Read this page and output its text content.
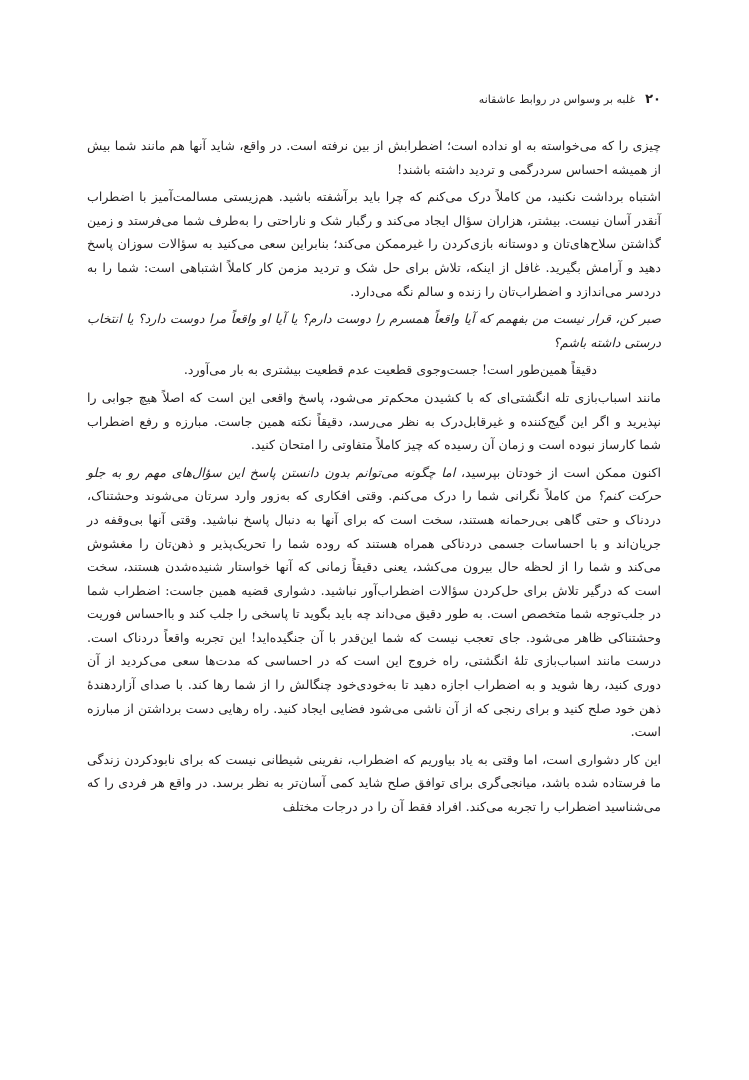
۲۰
غلبه بر وسواس در روابط عاشقانه

چیزی را که می‌خواسته به او نداده است؛ اضطرابش از بین نرفته است. در واقع، شاید آنها هم مانند شما بیش از همیشه احساس سردرگمی و تردید داشته باشند!

اشتباه برداشت نکنید، من کاملاً درک می‌کنم که چرا باید برآشفته باشید. هم‌زیستی مسالمت‌آمیز با اضطراب آنقدر آسان نیست. بیشتر، هزاران سؤال ایجاد می‌کند و رگبار شک و ناراحتی را به‌طرف شما می‌فرستد و زمین گذاشتن سلاح‌های‌تان و دوستانه بازی‌کردن را غیرممکن می‌کند؛ بنابراین سعی می‌کنید به سؤالات سوزان پاسخ دهید و آرامش بگیرید. غافل از اینکه، تلاش برای حل شک و تردید مزمن کار کاملاً اشتباهی است: شما را به دردسر می‌اندازد و اضطراب‌تان را زنده و سالم نگه می‌دارد.

صبر کن، قرار نیست من بفهمم که آیا واقعاً همسرم را دوست دارم؟ یا آیا او واقعاً مرا دوست دارد؟ یا انتخاب درستی داشته باشم؟

دقیقاً همین‌طور است! جست‌وجوی قطعیت عدم قطعیت بیشتری به بار می‌آورد.

مانند اسباب‌بازی تله انگشتی‌ای که با کشیدن محکم‌تر می‌شود، پاسخ واقعی این است که اصلاً هیچ جوابی را نپذیرید و اگر این گیج‌کننده و غیرقابل‌درک به نظر می‌رسد، دقیقاً نکته همین جاست. مبارزه و رفع اضطراب شما کارساز نبوده است و زمان آن رسیده که چیز کاملاً متفاوتی را امتحان کنید.

اکنون ممکن است از خودتان بپرسید، اما چگونه می‌توانم بدون دانستن پاسخ این سؤال‌های مهم رو به جلو حرکت کنم؟ من کاملاً نگرانی شما را درک می‌کنم. وقتی افکاری که به‌زور وارد سرتان می‌شوند وحشتناک، دردناک و حتی گاهی بی‌رحمانه هستند، سخت است که برای آنها به دنبال پاسخ نباشید. وقتی آنها بی‌وقفه در جریان‌اند و با احساسات جسمی دردناکی همراه هستند که روده شما را تحریک‌پذیر و ذهن‌تان را مغشوش می‌کند و شما را از لحظه حال بیرون می‌کشد، یعنی دقیقاً زمانی که آنها خواستار شنیده‌شدن هستند، سخت است که درگیر تلاش برای حل‌کردن سؤالات اضطراب‌آور نباشید. دشواری قضیه همین جاست: اضطراب شما در جلب‌توجه شما متخصص است. به طور دقیق می‌داند چه باید بگوید تا پاسخی را جلب کند و با‌احساس فوریت وحشتناکی ظاهر می‌شود. جای تعجب نیست که شما این‌قدر با آن جنگیده‌اید! این تجربه واقعاً دردناک است. درست مانند اسباب‌بازی تلهٔ انگشتی، راه خروج این است که در احساسی که مدت‌ها سعی می‌کردید از آن دوری کنید، رها شوید و به اضطراب اجازه دهید تا به‌خودی‌خود چنگالش را از شما رها کند. با صدای آزاردهندهٔ ذهن خود صلح کنید و برای رنجی که از آن ناشی می‌شود فضایی ایجاد کنید. راه رهایی دست برداشتن از مبارزه است.

این کار دشواری است، اما وقتی به یاد بیاوریم که اضطراب، نفرینی شیطانی نیست که برای نابودکردن زندگی ما فرستاده شده باشد، میانجی‌گری برای توافق صلح شاید کمی آسان‌تر به نظر برسد. در واقع هر فردی را که می‌شناسید اضطراب را تجربه می‌کند. افراد فقط آن را در درجات مختلف
